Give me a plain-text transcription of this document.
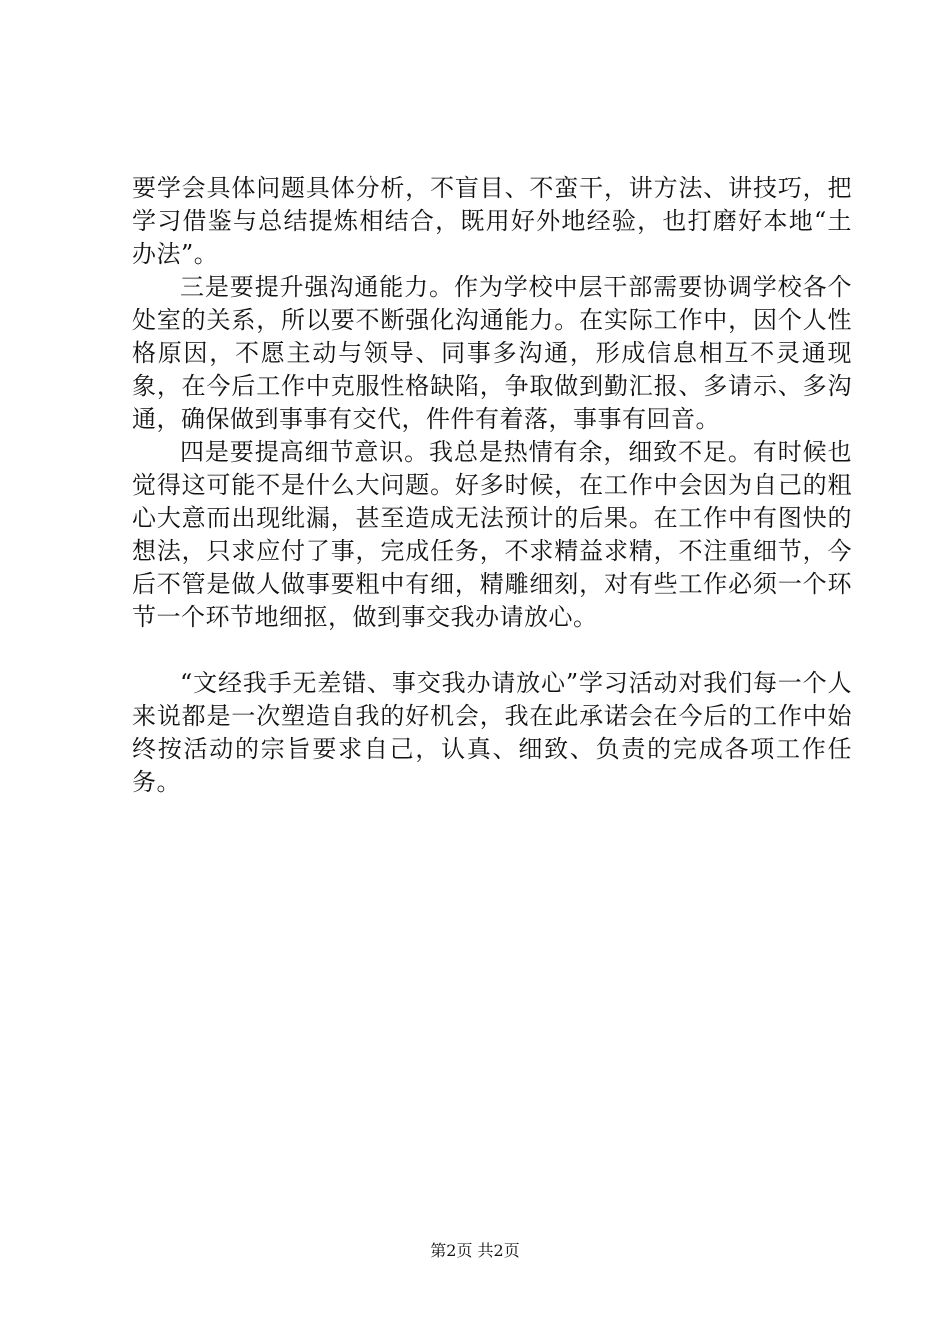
要学会具体问题具体分析，不盲目、不蛮干，讲方法、讲技巧，把学习借鉴与总结提炼相结合，既用好外地经验，也打磨好本地“土办法”。

三是要提升强沟通能力。作为学校中层干部需要协调学校各个处室的关系，所以要不断强化沟通能力。在实际工作中，因个人性格原因，不愿主动与领导、同事多沟通，形成信息相互不灵通现象，在今后工作中克服性格缺陷，争取做到勤汇报、多请示、多沟通，确保做到事事有交代，件件有着落，事事有回音。

四是要提高细节意识。我总是热情有余，细致不足。有时候也觉得这可能不是什么大问题。好多时候，在工作中会因为自己的粗心大意而出现纰漏，甚至造成无法预计的后果。在工作中有图快的想法，只求应付了事，完成任务，不求精益求精，不注重细节，今后不管是做人做事要粗中有细，精雕细刻，对有些工作必须一个环节一个环节地细抠，做到事交我办请放心。

“文经我手无差错、事交我办请放心”学习活动对我们每一个人来说都是一次塑造自我的好机会，我在此承诺会在今后的工作中始终按活动的宗旨要求自己，认真、细致、负责的完成各项工作任务。

第2页 共2页
